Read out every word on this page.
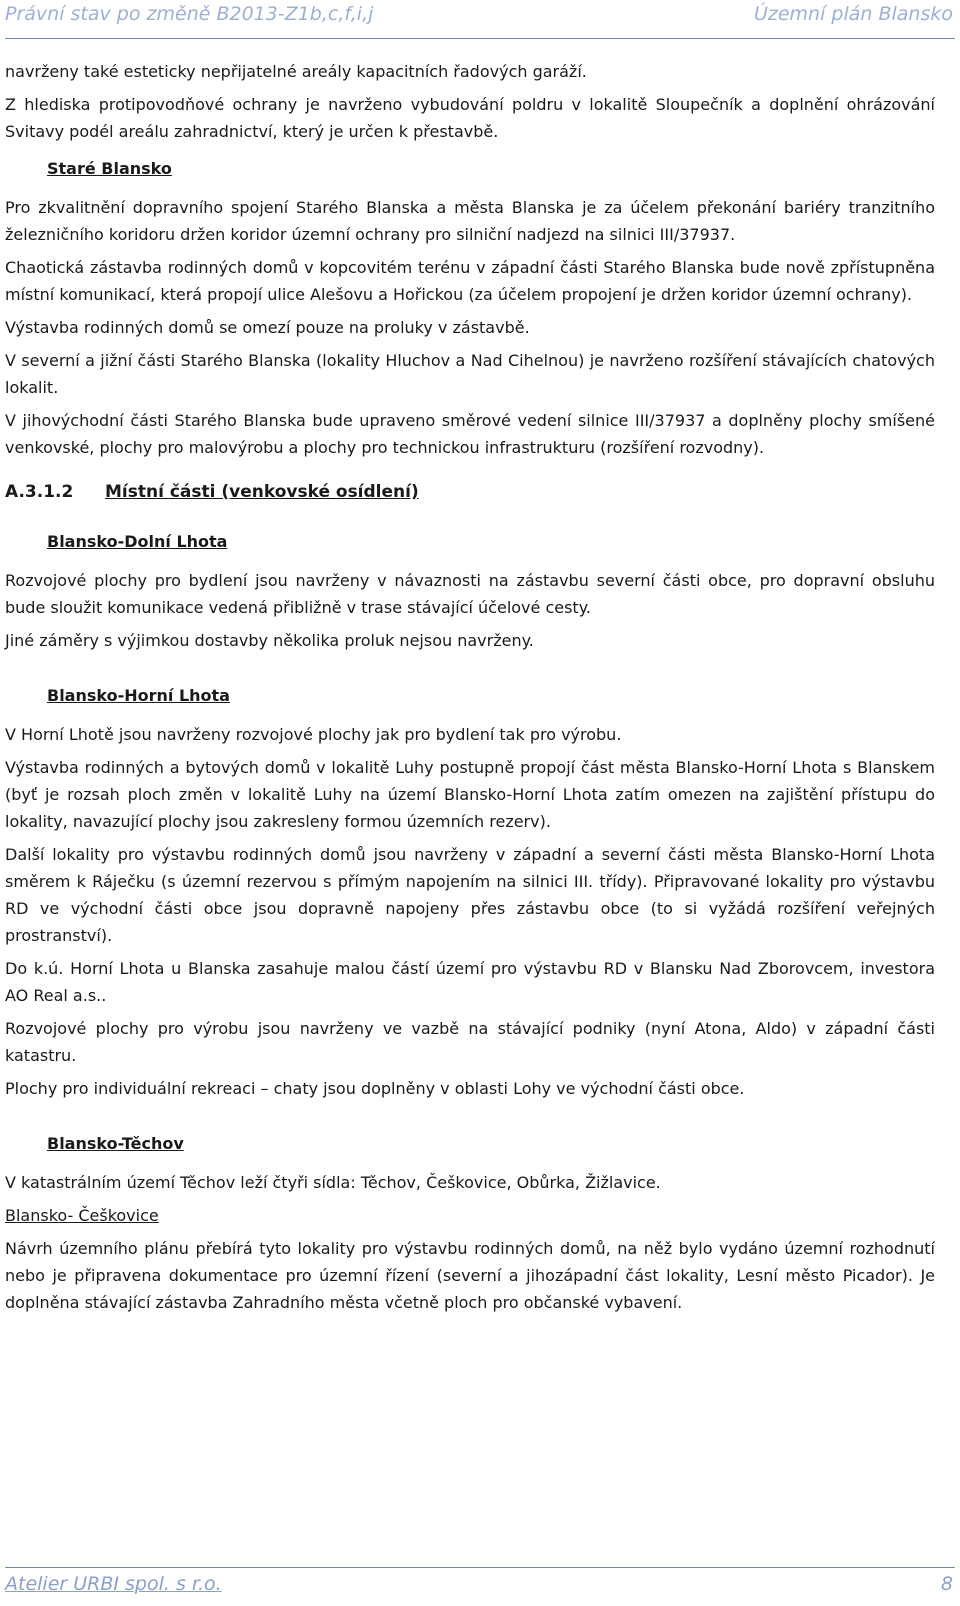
Právní stav po změně B2013-Z1b,c,f,i,j	Územní plán Blansko

navrženy také esteticky nepřijatelné areály kapacitních řadových garáží.

Z hlediska protipovodňové ochrany je navrženo vybudování poldru v lokalitě Sloupečník a doplnění ohrázování Svitavy podél areálu zahradnictví, který je určen k přestavbě.

Staré Blansko

Pro zkvalitnění dopravního spojení Starého Blanska a města Blanska je za účelem překonání bariéry tranzitního železničního koridoru držen koridor územní ochrany pro silniční nadjezd na silnici III/37937.

Chaotická zástavba rodinných domů v kopcovitém terénu v západní části Starého Blanska bude nově zpřístupněna místní komunikací, která propojí ulice Alešovu a Hořickou (za účelem propojení je držen koridor územní ochrany).

Výstavba rodinných domů se omezí pouze na proluky v zástavbě.

V severní a jižní části Starého Blanska (lokality Hluchov a Nad Cihelnou) je navrženo rozšíření stávajících chatových lokalit.

V jihovýchodní části Starého Blanska bude upraveno směrové vedení silnice III/37937 a doplněny plochy smíšené venkovské, plochy pro malovýrobu a plochy pro technickou infrastrukturu (rozšíření rozvodny).

A.3.1.2 Místní části (venkovské osídlení)
Blansko-Dolní Lhota

Rozvojové plochy pro bydlení jsou navrženy v návaznosti na zástavbu severní části obce, pro dopravní obsluhu bude sloužit komunikace vedená přibližně v trase stávající účelové cesty.

Jiné záměry s výjimkou dostavby několika proluk nejsou navrženy.

Blansko-Horní Lhota

V Horní Lhotě jsou navrženy rozvojové plochy jak pro bydlení tak pro výrobu.

Výstavba rodinných a bytových domů v lokalitě Luhy postupně propojí část města Blansko-Horní Lhota s Blanskem (byť je rozsah ploch změn v lokalitě Luhy na území Blansko-Horní Lhota zatím omezen na zajištění přístupu do lokality, navazující plochy jsou zakresleny formou územních rezerv).

Další lokality pro výstavbu rodinných domů jsou navrženy v západní a severní části města Blansko-Horní Lhota směrem k Ráječku (s územní rezervou s přímým napojením na silnici III. třídy). Připravované lokality pro výstavbu RD ve východní části obce jsou dopravně napojeny přes zástavbu obce (to si vyžádá rozšíření veřejných prostranství).

Do k.ú. Horní Lhota u Blanska zasahuje malou částí území pro výstavbu RD v Blansku Nad Zborovcem, investora AO Real a.s..

Rozvojové plochy pro výrobu jsou navrženy ve vazbě na stávající podniky (nyní Atona, Aldo) v západní části katastru.

Plochy pro individuální rekreaci – chaty jsou doplněny v oblasti Lohy ve východní části obce.

Blansko-Těchov

V katastrálním území Těchov leží čtyři sídla: Těchov, Češkovice, Obůrka, Žižlavice.

Blansko- Češkovice

Návrh územního plánu přebírá tyto lokality pro výstavbu rodinných domů, na něž bylo vydáno územní rozhodnutí nebo je připravena dokumentace pro územní řízení (severní a jihozápadní část lokality, Lesní město Picador). Je doplněna stávající zástavba Zahradního města včetně ploch pro občanské vybavení.

Atelier URBI spol. s r.o.	8
